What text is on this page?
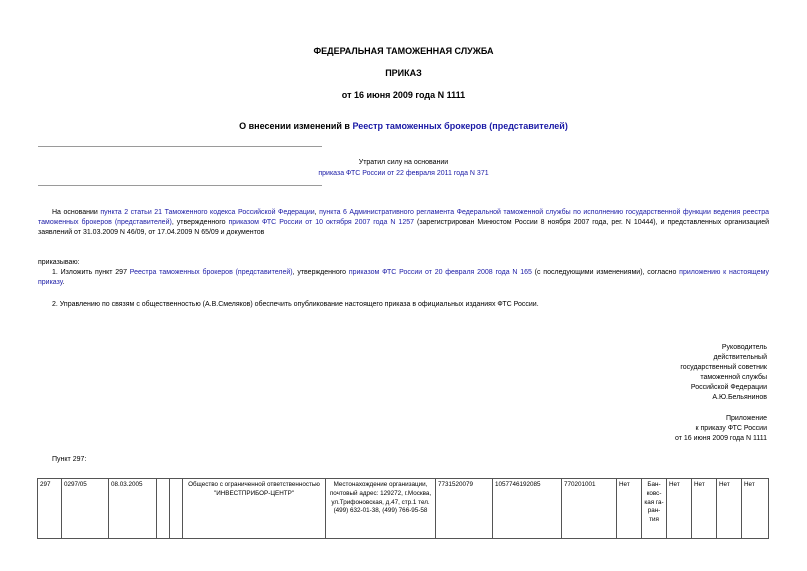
ФЕДЕРАЛЬНАЯ ТАМОЖЕННАЯ СЛУЖБА
ПРИКАЗ
от 16 июня 2009 года N 1111
О внесении изменений в Реестр таможенных брокеров (представителей)
Утратил силу на основании
приказа ФТС России от 22 февраля 2011 года N 371
На основании пункта 2 статьи 21 Таможенного кодекса Российской Федерации, пункта 6 Административного регламента Федеральной таможенной службы по исполнению государственной функции ведения реестра таможенных брокеров (представителей), утвержденного приказом ФТС России от 10 октября 2007 года N 1257 (зарегистрирован Минюстом России 8 ноября 2007 года, рег. N 10444), и представленных организацией заявлений от 31.03.2009 N 46/09, от 17.04.2009 N 65/09 и документов
приказываю:
1. Изложить пункт 297 Реестра таможенных брокеров (представителей), утвержденного приказом ФТС России от 20 февраля 2008 года N 165 (с последующими изменениями), согласно приложению к настоящему приказу.
2. Управлению по связям с общественностью (А.В.Смеляков) обеспечить опубликование настоящего приказа в официальных изданиях ФТС России.
Руководитель
действительный
государственный советник
таможенной службы
Российской Федерации
А.Ю.Бельянинов
Приложение
к приказу ФТС России
от 16 июня 2009 года N 1111
Пункт 297:
297	0297/05	08.03.2005			Общество с ограниченной ответственностью "ИНВЕСТПРИБОР-ЦЕНТР"	Местонахождение организации, почтовый адрес: 129272, г.Москва, ул.Трифоновская, д.47, стр.1 тел. (499) 632-01-38, (499) 766-95-58	7731520079	1057746192085	770201001	Нет	Бан-ковс-кая га-ран-тия	Нет	Нет	Нет	Нет
